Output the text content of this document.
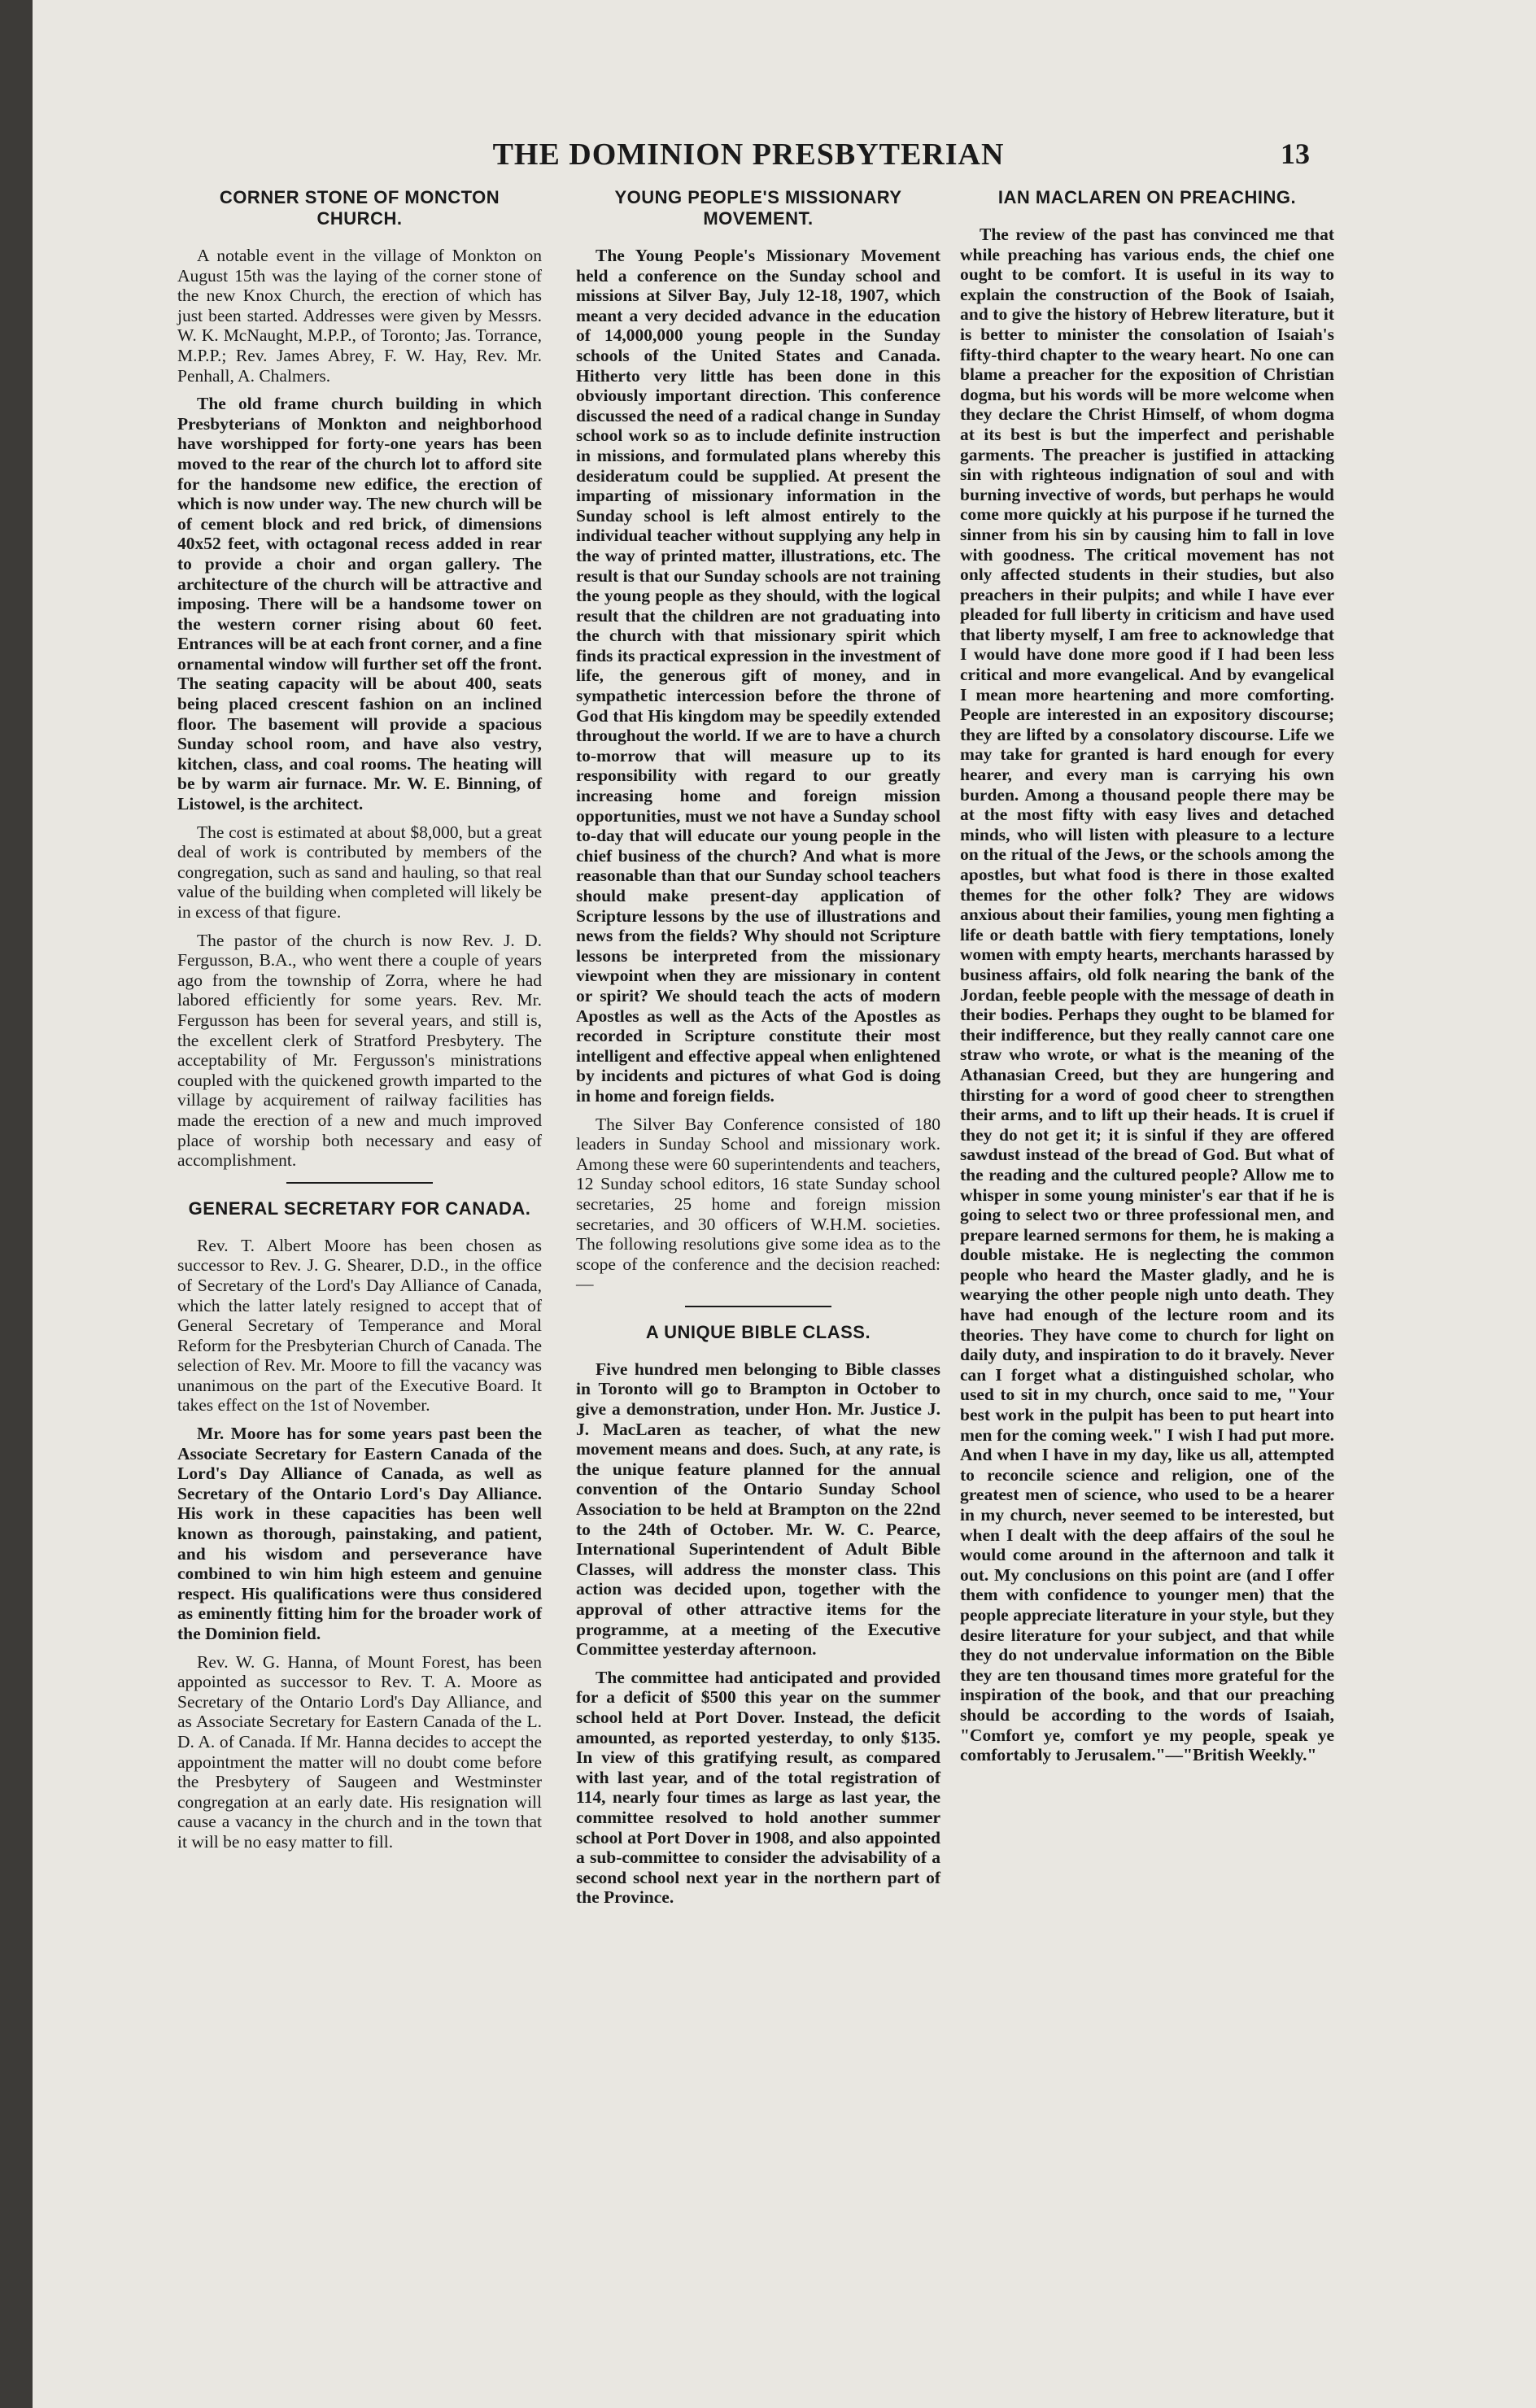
THE DOMINION PRESBYTERIAN	13
CORNER STONE OF MONCTON CHURCH.

A notable event in the village of Monkton on August 15th was the laying of the corner stone of the new Knox Church, the erection of which has just been started. Addresses were given by Messrs. W. K. McNaught, M.P.P., of Toronto; Jas. Torrance, M.P.P.; Rev. James Abrey, F. W. Hay, Rev. Mr. Penhall, A. Chalmers.

The old frame church building in which Presbyterians of Monkton and neighborhood have worshipped for forty-one years has been moved to the rear of the church lot to afford site for the handsome new edifice, the erection of which is now under way. The new church will be of cement block and red brick, of dimensions 40x52 feet, with octagonal recess added in rear to provide a choir and organ gallery. The architecture of the church will be attractive and imposing. There will be a handsome tower on the western corner rising about 60 feet. Entrances will be at each front corner, and a fine ornamental window will further set off the front. The seating capacity will be about 400, seats being placed crescent fashion on an inclined floor. The basement will provide a spacious Sunday school room, and have also vestry, kitchen, class, and coal rooms. The heating will be by warm air furnace. Mr. W. E. Binning, of Listowel, is the architect.

The cost is estimated at about $8,000, but a great deal of work is contributed by members of the congregation, such as sand and hauling, so that real value of the building when completed will likely be in excess of that figure.

The pastor of the church is now Rev. J. D. Fergusson, B.A., who went there a couple of years ago from the township of Zorra, where he had labored efficiently for some years. Rev. Mr. Fergusson has been for several years, and still is, the excellent clerk of Stratford Presbytery. The acceptability of Mr. Fergusson's ministrations coupled with the quickened growth imparted to the village by acquirement of railway facilities has made the erection of a new and much improved place of worship both necessary and easy of accomplishment.

GENERAL SECRETARY FOR CANADA.

Rev. T. Albert Moore has been chosen as successor to Rev. J. G. Shearer, D.D., in the office of Secretary of the Lord's Day Alliance of Canada, which the latter lately resigned to accept that of General Secretary of Temperance and Moral Reform for the Presbyterian Church of Canada. The selection of Rev. Mr. Moore to fill the vacancy was unanimous on the part of the Executive Board. It takes effect on the 1st of November.

Mr. Moore has for some years past been the Associate Secretary for Eastern Canada of the Lord's Day Alliance of Canada, as well as Secretary of the Ontario Lord's Day Alliance. His work in these capacities has been well known as thorough, painstaking, and patient, and his wisdom and perseverance have combined to win him high esteem and genuine respect. His qualifications were thus considered as eminently fitting him for the broader work of the Dominion field.

Rev. W. G. Hanna, of Mount Forest, has been appointed as successor to Rev. T. A. Moore as Secretary of the Ontario Lord's Day Alliance, and as Associate Secretary for Eastern Canada of the L. D. A. of Canada. If Mr. Hanna decides to accept the appointment the matter will no doubt come before the Presbytery of Saugeen and Westminster congregation at an early date. His resignation will cause a vacancy in the church and in the town that it will be no easy matter to fill.

YOUNG PEOPLE'S MISSIONARY MOVEMENT.

The Young People's Missionary Movement held a conference on the Sunday school and missions at Silver Bay, July 12-18, 1907, which meant a very decided advance in the education of 14,000,000 young people in the Sunday schools of the United States and Canada. Hitherto very little has been done in this obviously important direction. This conference discussed the need of a radical change in Sunday school work so as to include definite instruction in missions, and formulated plans whereby this desideratum could be supplied. At present the imparting of missionary information in the Sunday school is left almost entirely to the individual teacher without supplying any help in the way of printed matter, illustrations, etc. The result is that our Sunday schools are not training the young people as they should, with the logical result that the children are not graduating into the church with that missionary spirit which finds its practical expression in the investment of life, the generous gift of money, and in sympathetic intercession before the throne of God that His kingdom may be speedily extended throughout the world. If we are to have a church to-morrow that will measure up to its responsibility with regard to our greatly increasing home and foreign mission opportunities, must we not have a Sunday school to-day that will educate our young people in the chief business of the church? And what is more reasonable than that our Sunday school teachers should make present-day application of Scripture lessons by the use of illustrations and news from the fields? Why should not Scripture lessons be interpreted from the missionary viewpoint when they are missionary in content or spirit? We should teach the acts of modern Apostles as well as the Acts of the Apostles as recorded in Scripture constitute their most intelligent and effective appeal when enlightened by incidents and pictures of what God is doing in home and foreign fields.

The Silver Bay Conference consisted of 180 leaders in Sunday School and missionary work. Among these were 60 superintendents and teachers, 12 Sunday school editors, 16 state Sunday school secretaries, 25 home and foreign mission secretaries, and 30 officers of W.H.M. societies. The following resolutions give some idea as to the scope of the conference and the decision reached:—

A UNIQUE BIBLE CLASS.

Five hundred men belonging to Bible classes in Toronto will go to Brampton in October to give a demonstration, under Hon. Mr. Justice J. J. MacLaren as teacher, of what the new movement means and does. Such, at any rate, is the unique feature planned for the annual convention of the Ontario Sunday School Association to be held at Brampton on the 22nd to the 24th of October. Mr. W. C. Pearce, International Superintendent of Adult Bible Classes, will address the monster class. This action was decided upon, together with the approval of other attractive items for the programme, at a meeting of the Executive Committee yesterday afternoon.

The committee had anticipated and provided for a deficit of $500 this year on the summer school held at Port Dover. Instead, the deficit amounted, as reported yesterday, to only $135. In view of this gratifying result, as compared with last year, and of the total registration of 114, nearly four times as large as last year, the committee resolved to hold another summer school at Port Dover in 1908, and also appointed a sub-committee to consider the advisability of a second school next year in the northern part of the Province.

IAN MACLAREN ON PREACHING.

The review of the past has convinced me that while preaching has various ends, the chief one ought to be comfort. It is useful in its way to explain the construction of the Book of Isaiah, and to give the history of Hebrew literature, but it is better to minister the consolation of Isaiah's fifty-third chapter to the weary heart. No one can blame a preacher for the exposition of Christian dogma, but his words will be more welcome when they declare the Christ Himself, of whom dogma at its best is but the imperfect and perishable garments. The preacher is justified in attacking sin with righteous indignation of soul and with burning invective of words, but perhaps he would come more quickly at his purpose if he turned the sinner from his sin by causing him to fall in love with goodness. The critical movement has not only affected students in their studies, but also preachers in their pulpits; and while I have ever pleaded for full liberty in criticism and have used that liberty myself, I am free to acknowledge that I would have done more good if I had been less critical and more evangelical. And by evangelical I mean more heartening and more comforting. People are interested in an expository discourse; they are lifted by a consolatory discourse. Life we may take for granted is hard enough for every hearer, and every man is carrying his own burden. Among a thousand people there may be at the most fifty with easy lives and detached minds, who will listen with pleasure to a lecture on the ritual of the Jews, or the schools among the apostles, but what food is there in those exalted themes for the other folk? They are widows anxious about their families, young men fighting a life or death battle with fiery temptations, lonely women with empty hearts, merchants harassed by business affairs, old folk nearing the bank of the Jordan, feeble people with the message of death in their bodies. Perhaps they ought to be blamed for their indifference, but they really cannot care one straw who wrote, or what is the meaning of the Athanasian Creed, but they are hungering and thirsting for a word of good cheer to strengthen their arms, and to lift up their heads. It is cruel if they do not get it; it is sinful if they are offered sawdust instead of the bread of God. But what of the reading and the cultured people? Allow me to whisper in some young minister's ear that if he is going to select two or three professional men, and prepare learned sermons for them, he is making a double mistake. He is neglecting the common people who heard the Master gladly, and he is wearying the other people nigh unto death. They have had enough of the lecture room and its theories. They have come to church for light on daily duty, and inspiration to do it bravely. Never can I forget what a distinguished scholar, who used to sit in my church, once said to me, "Your best work in the pulpit has been to put heart into men for the coming week." I wish I had put more. And when I have in my day, like us all, attempted to reconcile science and religion, one of the greatest men of science, who used to be a hearer in my church, never seemed to be interested, but when I dealt with the deep affairs of the soul he would come around in the afternoon and talk it out. My conclusions on this point are (and I offer them with confidence to younger men) that the people appreciate literature in your style, but they desire literature for your subject, and that while they do not undervalue information on the Bible they are ten thousand times more grateful for the inspiration of the book, and that our preaching should be according to the words of Isaiah, "Comfort ye, comfort ye my people, speak ye comfortably to Jerusalem."—"British Weekly."
